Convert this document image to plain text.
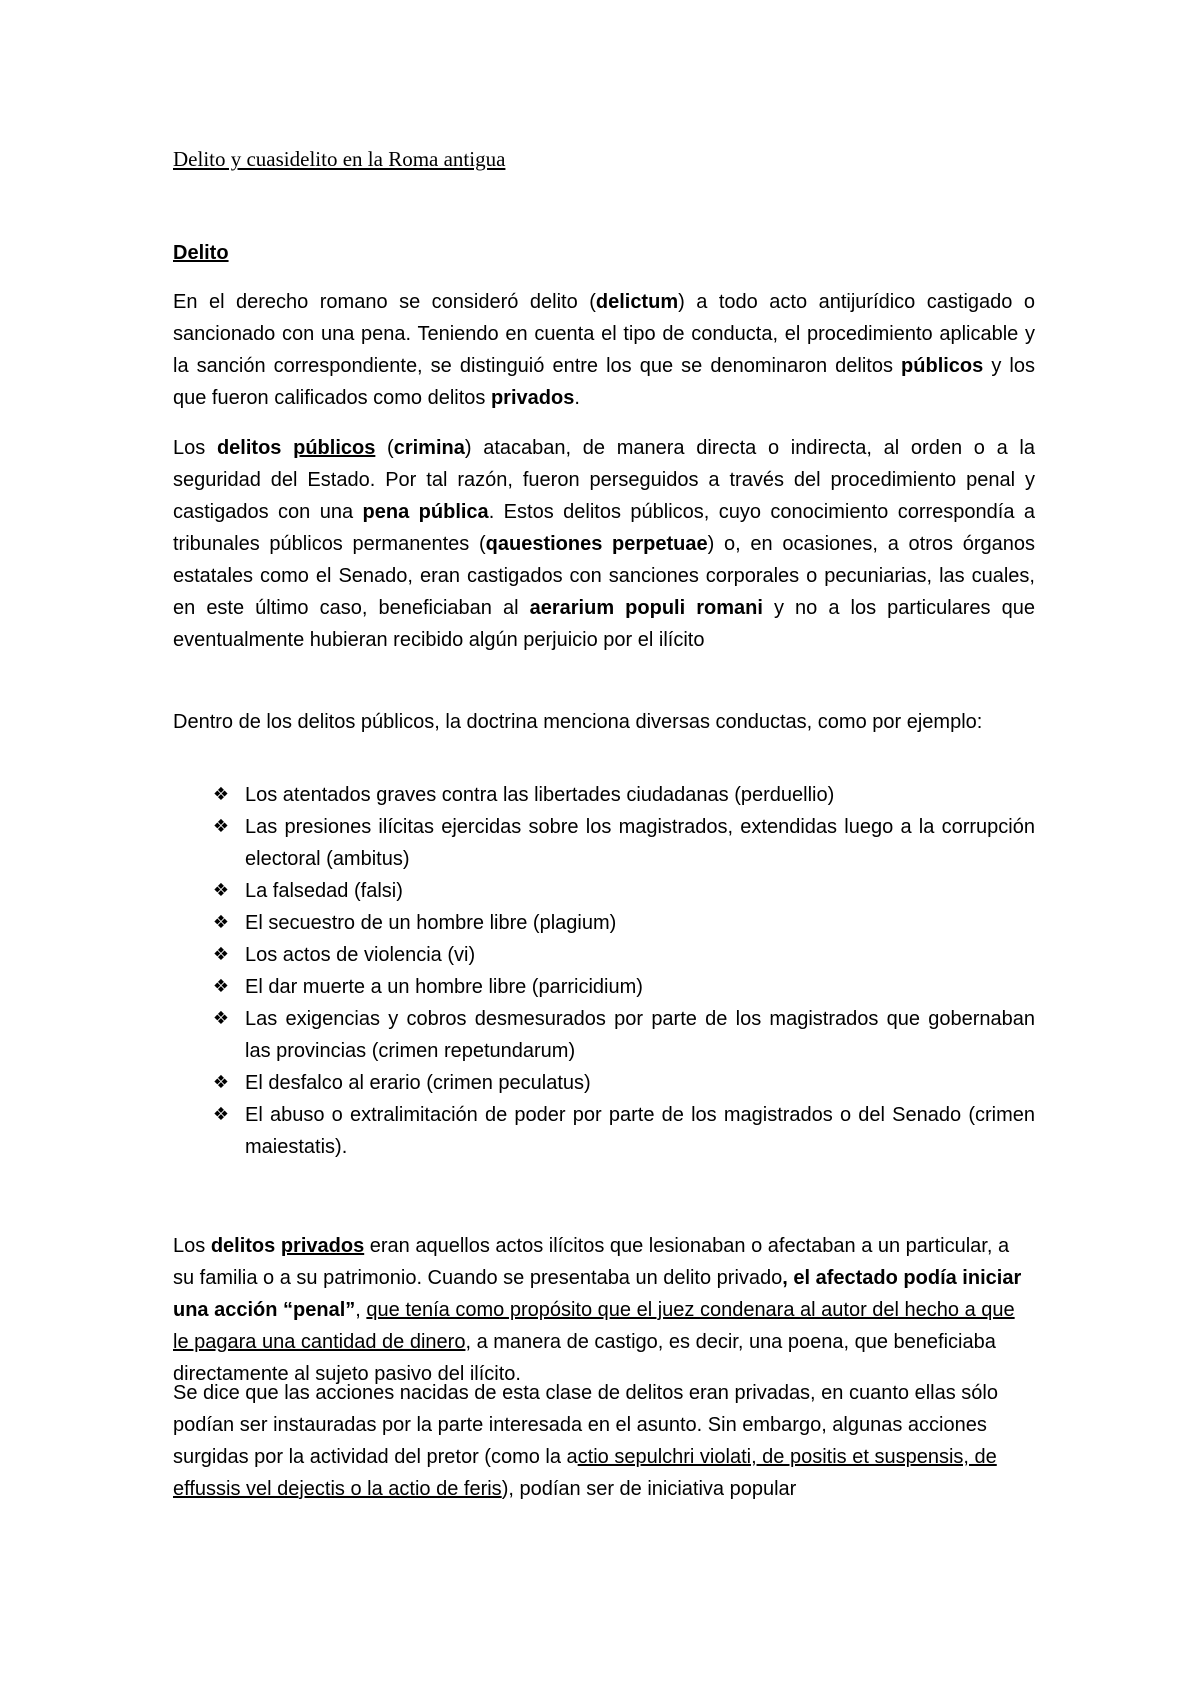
Delito y cuasidelito en la Roma antigua
Delito

En el derecho romano se consideró delito (delictum) a todo acto antijurídico castigado o sancionado con una pena. Teniendo en cuenta el tipo de conducta, el procedimiento aplicable y la sanción correspondiente, se distinguió entre los que se denominaron delitos públicos y los que fueron calificados como delitos privados.

Los delitos públicos (crimina) atacaban, de manera directa o indirecta, al orden o a la seguridad del Estado. Por tal razón, fueron perseguidos a través del procedimiento penal y castigados con una pena pública. Estos delitos públicos, cuyo conocimiento correspondía a tribunales públicos permanentes (qauestiones perpetuae) o, en ocasiones, a otros órganos estatales como el Senado, eran castigados con sanciones corporales o pecuniarias, las cuales, en este último caso, beneficiaban al aerarium populi romani y no a los particulares que eventualmente hubieran recibido algún perjuicio por el ilícito

Dentro de los delitos públicos, la doctrina menciona diversas conductas, como por ejemplo:

❖ Los atentados graves contra las libertades ciudadanas (perduellio)
❖ Las presiones ilícitas ejercidas sobre los magistrados, extendidas luego a la corrupción electoral (ambitus)
❖ La falsedad (falsi)
❖ El secuestro de un hombre libre (plagium)
❖ Los actos de violencia (vi)
❖ El dar muerte a un hombre libre (parricidium)
❖ Las exigencias y cobros desmesurados por parte de los magistrados que gobernaban las provincias (crimen repetundarum)
❖ El desfalco al erario (crimen peculatus)
❖ El abuso o extralimitación de poder por parte de los magistrados o del Senado (crimen maiestatis).

Los delitos privados eran aquellos actos ilícitos que lesionaban o afectaban a un particular, a su familia o a su patrimonio. Cuando se presentaba un delito privado, el afectado podía iniciar una acción “penal”, que tenía como propósito que el juez condenara al autor del hecho a que le pagara una cantidad de dinero, a manera de castigo, es decir, una poena, que beneficiaba directamente al sujeto pasivo del ilícito.

Se dice que las acciones nacidas de esta clase de delitos eran privadas, en cuanto ellas sólo podían ser instauradas por la parte interesada en el asunto. Sin embargo, algunas acciones surgidas por la actividad del pretor (como la actio sepulchri violati, de positis et suspensis, de effussis vel dejectis o la actio de feris), podían ser de iniciativa popular
